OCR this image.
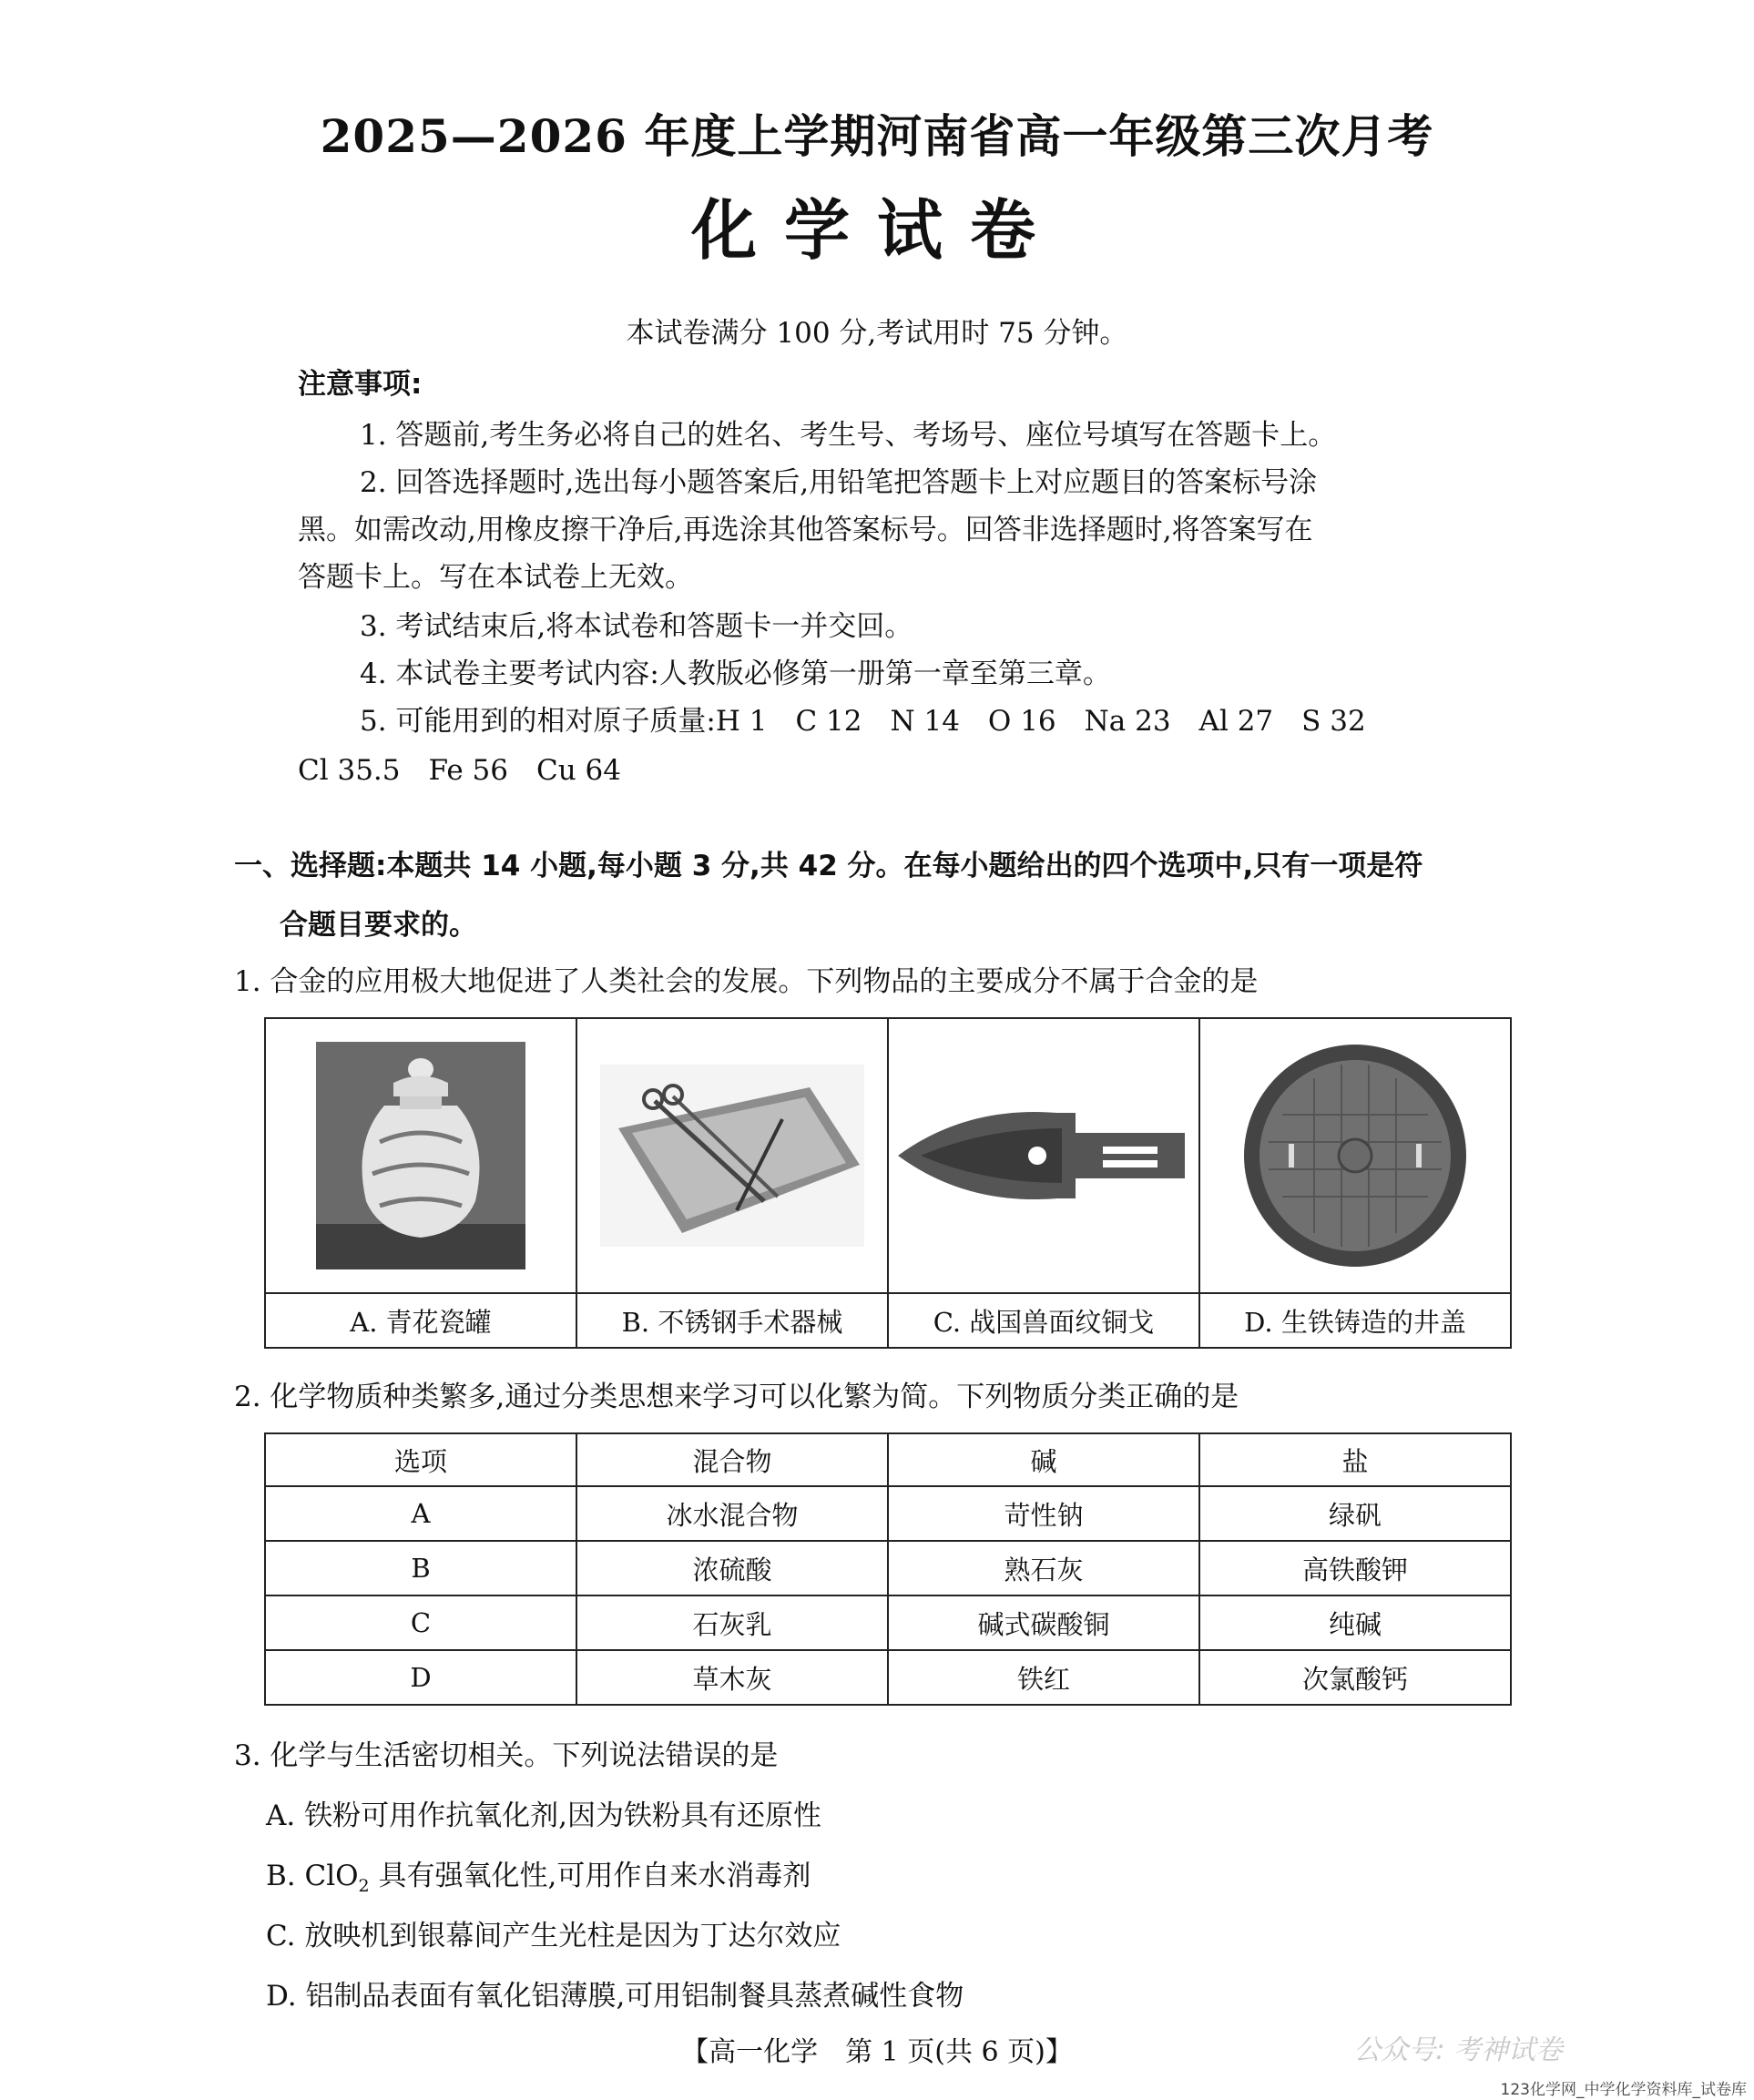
2025—2026 年度上学期河南省高一年级第三次月考
化学试卷
本试卷满分 100 分,考试用时 75 分钟。
注意事项:
1. 答题前,考生务必将自己的姓名、考生号、考场号、座位号填写在答题卡上。
2. 回答选择题时,选出每小题答案后,用铅笔把答题卡上对应题目的答案标号涂
黑。如需改动,用橡皮擦干净后,再选涂其他答案标号。回答非选择题时,将答案写在
答题卡上。写在本试卷上无效。
3. 考试结束后,将本试卷和答题卡一并交回。
4. 本试卷主要考试内容:人教版必修第一册第一章至第三章。
5. 可能用到的相对原子质量:H 1　C 12　N 14　O 16　Na 23　Al 27　S 32
Cl 35.5　Fe 56　Cu 64
一、选择题:本题共 14 小题,每小题 3 分,共 42 分。在每小题给出的四个选项中,只有一项是符
合题目要求的。
1. 合金的应用极大地促进了人类社会的发展。下列物品的主要成分不属于合金的是

A. 青花瓷罐	B. 不锈钢手术器械	C. 战国兽面纹铜戈	D. 生铁铸造的井盖
2. 化学物质种类繁多,通过分类思想来学习可以化繁为简。下列物质分类正确的是
选项	混合物	碱	盐
A	冰水混合物	苛性钠	绿矾
B	浓硫酸	熟石灰	高铁酸钾
C	石灰乳	碱式碳酸铜	纯碱
D	草木灰	铁红	次氯酸钙
3. 化学与生活密切相关。下列说法错误的是
A. 铁粉可用作抗氧化剂,因为铁粉具有还原性
B. ClO$_2$ 具有强氧化性,可用作自来水消毒剂
C. 放映机到银幕间产生光柱是因为丁达尔效应
D. 铝制品表面有氧化铝薄膜,可用铝制餐具蒸煮碱性食物
【高一化学　第 1 页(共 6 页)】	公众号: 考神试卷
123化学网_中学化学资料库_试卷库
